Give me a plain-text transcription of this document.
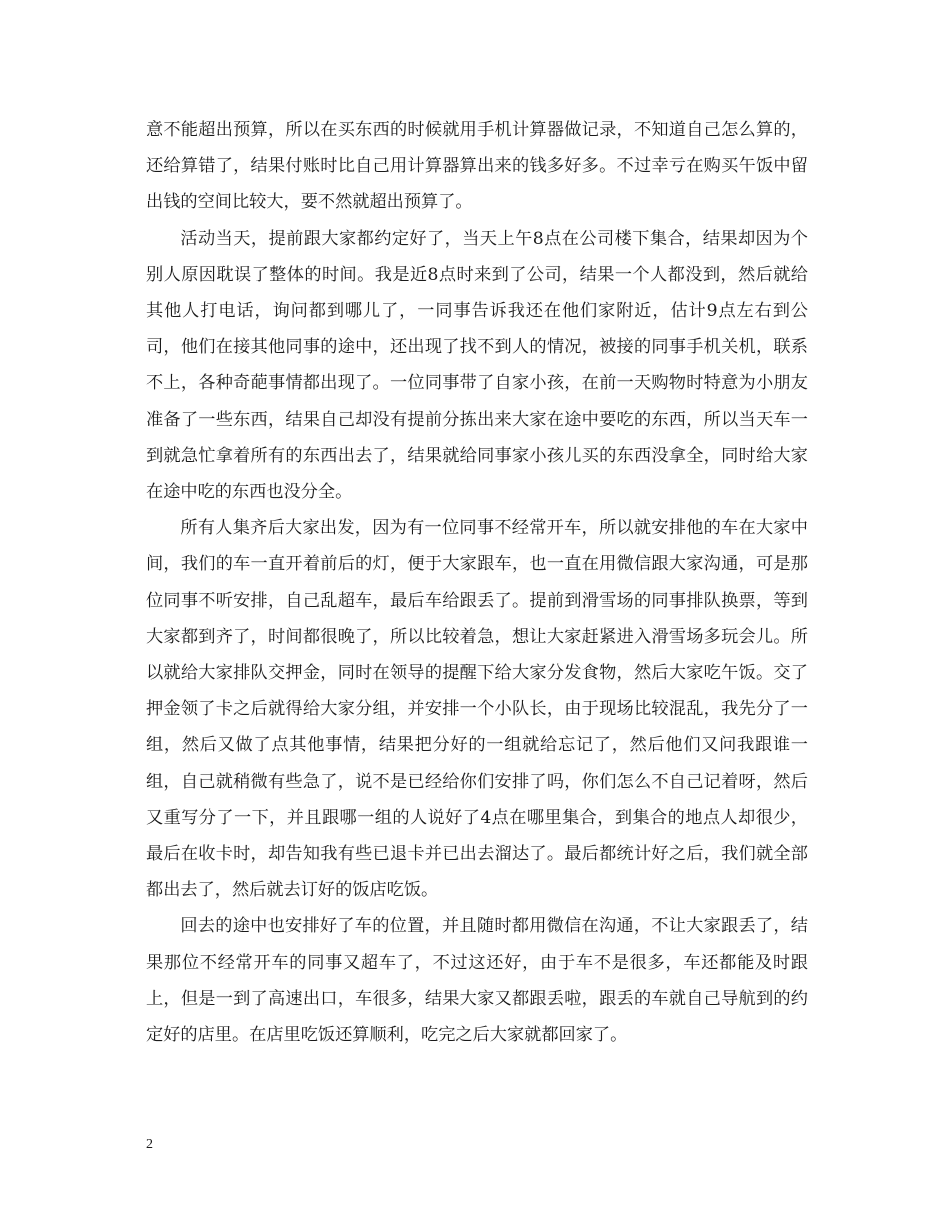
意不能超出预算，所以在买东西的时候就用手机计算器做记录，不知道自己怎么算的，还给算错了，结果付账时比自己用计算器算出来的钱多好多。不过幸亏在购买午饭中留出钱的空间比较大，要不然就超出预算了。

活动当天，提前跟大家都约定好了，当天上午8点在公司楼下集合，结果却因为个别人原因耽误了整体的时间。我是近8点时来到了公司，结果一个人都没到，然后就给其他人打电话，询问都到哪儿了，一同事告诉我还在他们家附近，估计9点左右到公司，他们在接其他同事的途中，还出现了找不到人的情况，被接的同事手机关机，联系不上，各种奇葩事情都出现了。一位同事带了自家小孩，在前一天购物时特意为小朋友准备了一些东西，结果自己却没有提前分拣出来大家在途中要吃的东西，所以当天车一到就急忙拿着所有的东西出去了，结果就给同事家小孩儿买的东西没拿全，同时给大家在途中吃的东西也没分全。

所有人集齐后大家出发，因为有一位同事不经常开车，所以就安排他的车在大家中间，我们的车一直开着前后的灯，便于大家跟车，也一直在用微信跟大家沟通，可是那位同事不听安排，自己乱超车，最后车给跟丢了。提前到滑雪场的同事排队换票，等到大家都到齐了，时间都很晚了，所以比较着急，想让大家赶紧进入滑雪场多玩会儿。所以就给大家排队交押金，同时在领导的提醒下给大家分发食物，然后大家吃午饭。交了押金领了卡之后就得给大家分组，并安排一个小队长，由于现场比较混乱，我先分了一组，然后又做了点其他事情，结果把分好的一组就给忘记了，然后他们又问我跟谁一组，自己就稍微有些急了，说不是已经给你们安排了吗，你们怎么不自己记着呀，然后又重写分了一下，并且跟哪一组的人说好了4点在哪里集合，到集合的地点人却很少，最后在收卡时，却告知我有些已退卡并已出去溜达了。最后都统计好之后，我们就全部都出去了，然后就去订好的饭店吃饭。

回去的途中也安排好了车的位置，并且随时都用微信在沟通，不让大家跟丢了，结果那位不经常开车的同事又超车了，不过这还好，由于车不是很多，车还都能及时跟上，但是一到了高速出口，车很多，结果大家又都跟丢啦，跟丢的车就自己导航到的约定好的店里。在店里吃饭还算顺利，吃完之后大家就都回家了。

2
